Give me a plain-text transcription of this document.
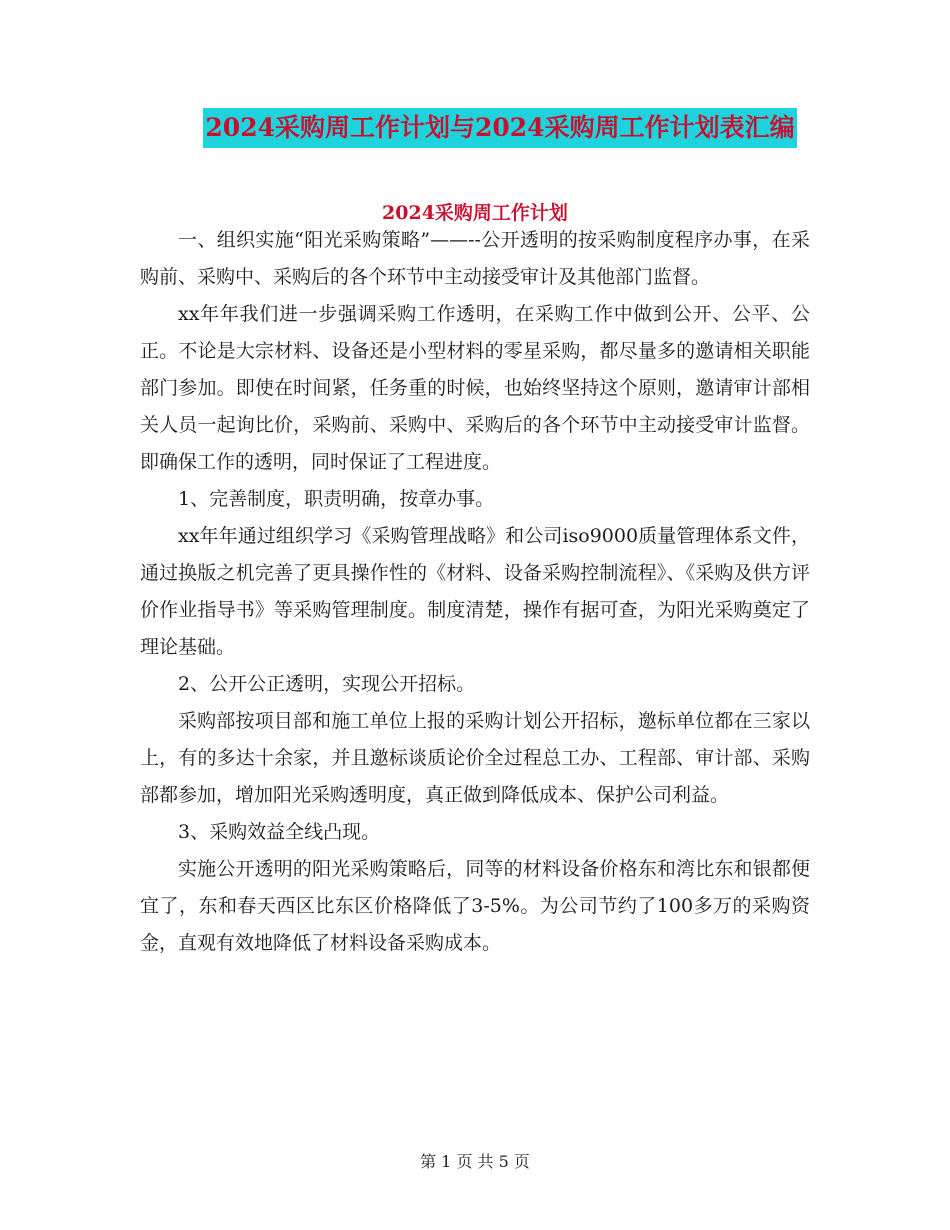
2024采购周工作计划与2024采购周工作计划表汇编
2024采购周工作计划

一、组织实施“阳光采购策略”——--公开透明的按采购制度程序办事，在采购前、采购中、采购后的各个环节中主动接受审计及其他部门监督。

xx年年我们进一步强调采购工作透明，在采购工作中做到公开、公平、公正。不论是大宗材料、设备还是小型材料的零星采购，都尽量多的邀请相关职能部门参加。即使在时间紧，任务重的时候，也始终坚持这个原则，邀请审计部相关人员一起询比价，采购前、采购中、采购后的各个环节中主动接受审计监督。即确保工作的透明，同时保证了工程进度。

1、完善制度，职责明确，按章办事。

xx年年通过组织学习《采购管理战略》和公司iso9000质量管理体系文件，通过换版之机完善了更具操作性的《材料、设备采购控制流程》、《采购及供方评价作业指导书》等采购管理制度。制度清楚，操作有据可查，为阳光采购奠定了理论基础。

2、公开公正透明，实现公开招标。

采购部按项目部和施工单位上报的采购计划公开招标，邀标单位都在三家以上，有的多达十余家，并且邀标谈质论价全过程总工办、工程部、审计部、采购部都参加，增加阳光采购透明度，真正做到降低成本、保护公司利益。

3、采购效益全线凸现。

实施公开透明的阳光采购策略后，同等的材料设备价格东和湾比东和银都便宜了，东和春天西区比东区价格降低了3-5%。为公司节约了100多万的采购资金，直观有效地降低了材料设备采购成本。

第 1 页 共 5 页
